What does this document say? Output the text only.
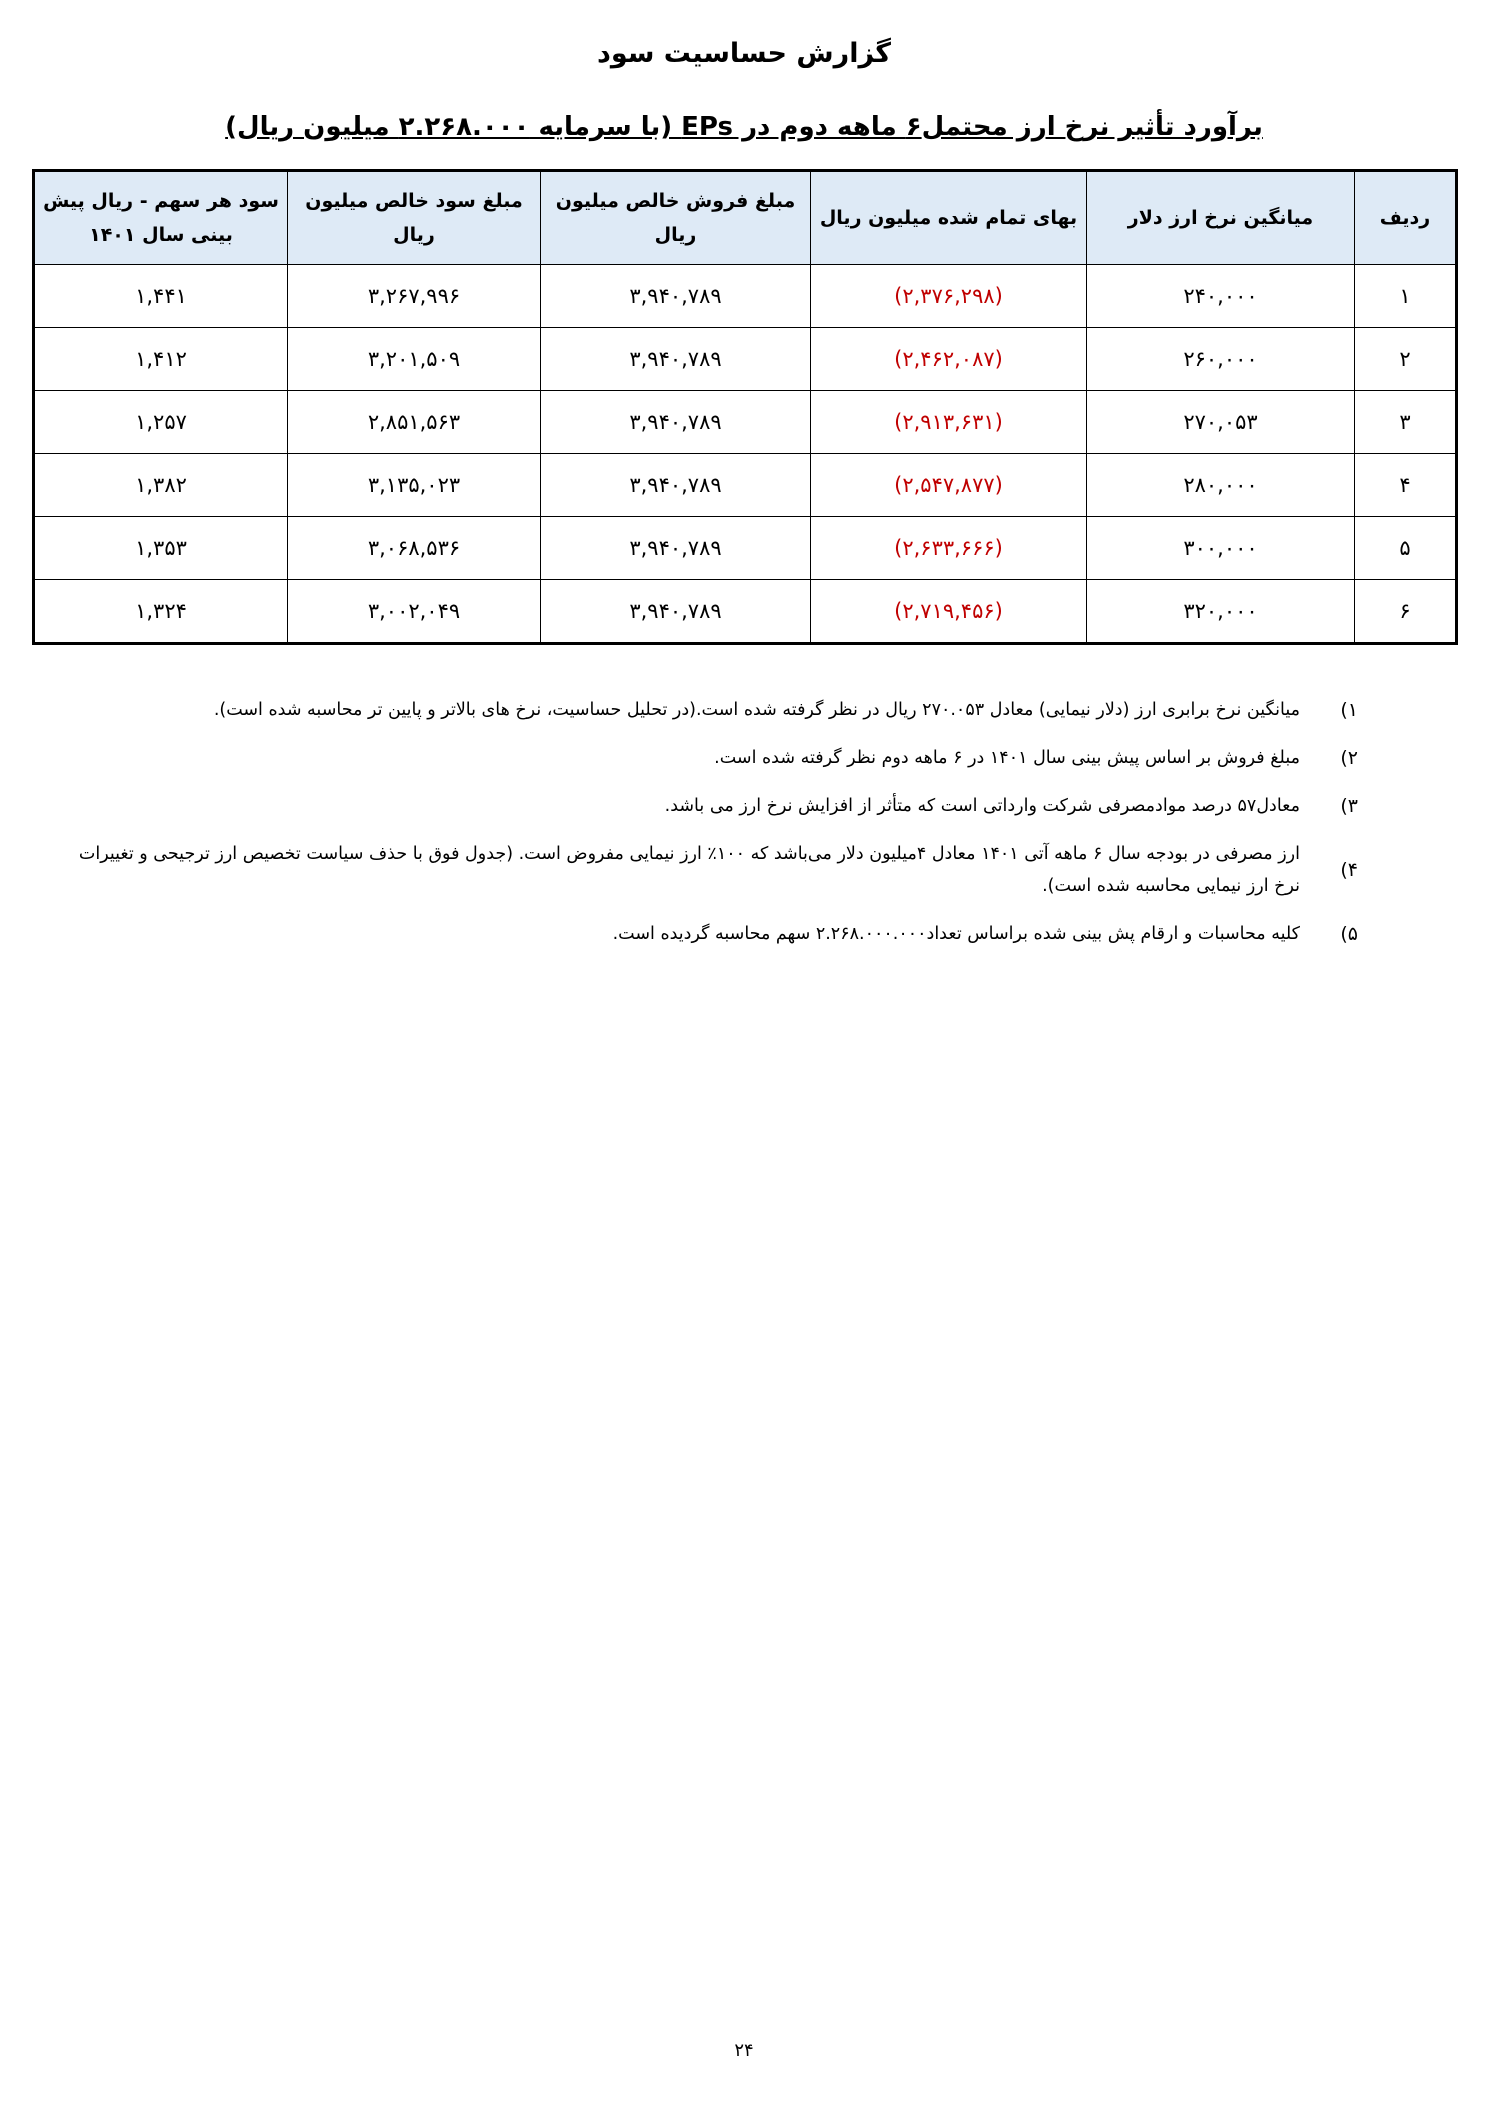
گزارش حساسیت سود
برآورد تأثیر نرخ ارز محتمل۶ ماهه دوم در EPs (با سرمایه ۲.۲۶۸.۰۰۰ میلیون ریال)
ردیف	میانگین نرخ ارز دلار	بهای تمام شده میلیون ریال	مبلغ فروش خالص میلیون ریال	مبلغ سود خالص میلیون ریال	سود هر سهم - ریال پیش بینی سال ۱۴۰۱
۱	۲۴۰,۰۰۰	(۲,۳۷۶,۲۹۸)	۳,۹۴۰,۷۸۹	۳,۲۶۷,۹۹۶	۱,۴۴۱
۲	۲۶۰,۰۰۰	(۲,۴۶۲,۰۸۷)	۳,۹۴۰,۷۸۹	۳,۲۰۱,۵۰۹	۱,۴۱۲
۳	۲۷۰,۰۵۳	(۲,۹۱۳,۶۳۱)	۳,۹۴۰,۷۸۹	۲,۸۵۱,۵۶۳	۱,۲۵۷
۴	۲۸۰,۰۰۰	(۲,۵۴۷,۸۷۷)	۳,۹۴۰,۷۸۹	۳,۱۳۵,۰۲۳	۱,۳۸۲
۵	۳۰۰,۰۰۰	(۲,۶۳۳,۶۶۶)	۳,۹۴۰,۷۸۹	۳,۰۶۸,۵۳۶	۱,۳۵۳
۶	۳۲۰,۰۰۰	(۲,۷۱۹,۴۵۶)	۳,۹۴۰,۷۸۹	۳,۰۰۲,۰۴۹	۱,۳۲۴
۱)
میانگین نرخ برابری ارز (دلار نیمایی) معادل ۲۷۰.۰۵۳ ریال در نظر گرفته شده است.(در تحلیل حساسیت، نرخ های بالاتر و پایین تر محاسبه شده است).
۲)
مبلغ فروش بر اساس پیش بینی سال ۱۴۰۱ در ۶ ماهه دوم نظر گرفته شده است.
۳)
معادل۵۷ درصد موادمصرفی شرکت وارداتی است که متأثر از افزایش نرخ ارز می باشد.
۴)
ارز مصرفی در بودجه سال ۶ ماهه آتی ۱۴۰۱ معادل ۴میلیون دلار می‌باشد که ۱۰۰٪ ارز نیمایی مفروض است. (جدول فوق با حذف سیاست تخصیص ارز ترجیحی و تغییرات نرخ ارز نیمایی محاسبه شده است).
۵)
کلیه محاسبات و ارقام پش بینی شده براساس تعداد۲.۲۶۸.۰۰۰.۰۰۰ سهم محاسبه گردیده است.
۲۴
